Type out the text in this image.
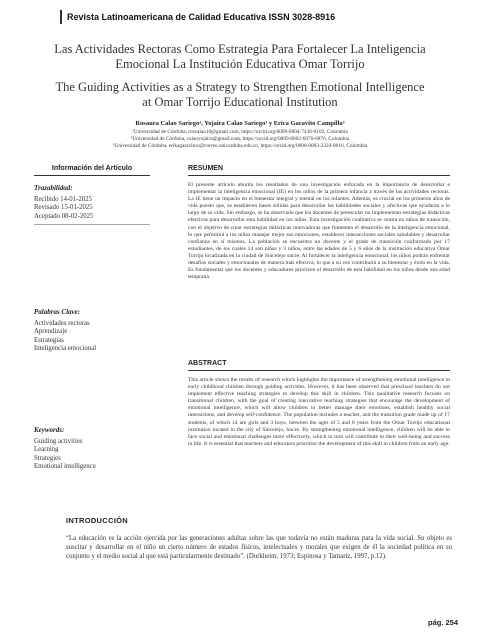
Revista Latinoamericana de Calidad Educativa ISSN 3028-8916
Las Actividades Rectoras Como Estrategia Para Fortalecer La Inteligencia Emocional La Institución Educativa Omar Torrijo
The Guiding Activities as a Strategy to Strengthen Emotional Intelligence at Omar Torrijo Educational Institution
Rosaura Calao Sariego¹, Yojaira Calao Sariego² y Erica Garavito Campillo³
¹Universidad de Córdoba, roscalao10@gmail.com, https://orcid.org/0009-0004-7436-0102, Colombia
²Universidad de Córdoba, calaoyojaira@gmail.com, https://orcid.org/0009-0002-6070-6876, Colombia
³Universidad de Córdoba, erikagaravitoc@correo.unicordoba.edu.co, https://orcid.org/0000-0003-2324-0616, Colombia
Información del Artículo
Trazabilidad:
Recibido 14-01-2025
Revisado 15-01-2025
Aceptado 08-02-2025
Palabras Clave:
Actividades rectoras
Aprendizaje
Estrategias
Inteligencia emocional
Keywords:
Guiding activities
Learning
Strategies
Emotional intelligence
RESUMEN
El presente artículo aborda los resultados de una investigación enfocada en la importancia de desarrollar e implementar la inteligencia emocional (IE) en los niños de la primera infancia a través de las actividades rectoras. La IE tiene un impacto en el bienestar integral y mental en los infantes. Además, es crucial en los primeros años de vida puesto que, se establecen bases sólidas para desarrollar las habilidades sociales y afectivas que ayudarán a lo largo de su vida. Sin embargo, se ha observado que los docentes de preescolar no implementan estrategias didácticas efectivas para desarrollar esta habilidad en los niños. Esta investigación cualitativa se centra en niños de transición, con el objetivo de crear estrategias didácticas innovadoras que fomenten el desarrollo de la inteligencia emocional, lo que permitirá a los niños manejar mejor sus emociones, establecer interacciones sociales saludables y desarrollar confianza en sí mismos. La población se encuentra un docente y el grado de transición conformado por 17 estudiantes, de los cuales 14 son niñas y 3 niños, entre las edades de 5 y 6 años de la institución educativa Omar Torrijo localizada en la ciudad de Sincelejo sucre. Al fortalecer la inteligencia emocional, los niños podrán enfrentar desafíos sociales y emocionales de manera más efectiva, lo que a su vez contribuirá a su bienestar y éxito en la vida. Es fundamental que los docentes y educadores prioricen el desarrollo de esta habilidad en los niños desde una edad temprana.
ABSTRACT
This article shows the results of research which highlights the importance of strengthening emotional intelligence in early childhood children through guiding activities. However, it has been observed that preschool teachers do not implement effective teaching strategies to develop this skill in children. This qualitative research focuses on transitional children, with the goal of creating innovative teaching strategies that encourage the development of emotional intelligence, which will allow children to better manage their emotions, establish healthy social interactions, and develop self-confidence. The population includes a teacher, and the transition grade made up of 17 students, of which 14 are girls and 3 boys, between the ages of 5 and 6 years from the Omar Torrijo educational institution located in the city of Sincelejo, Sucre. By strengthening emotional intelligence, children will be able to face social and emotional challenges more effectively, which in turn will contribute to their well-being and success in life. It is essential that teachers and educators prioritize the development of this skill in children from an early age.
INTRODUCCIÓN
“La educación es la acción ejercida por las generaciones adultas sobre las que todavía no están maduras para la vida social. Su objeto es suscitar y desarrollar en el niño un cierto número de estados físicos, intelectuales y morales que exigen de él la sociedad política en su conjunto y el medio social al que está particularmente destinado”. (Durkheim, 1973; Espinosa y Tamariz, 1997, p.12).
pág. 254
